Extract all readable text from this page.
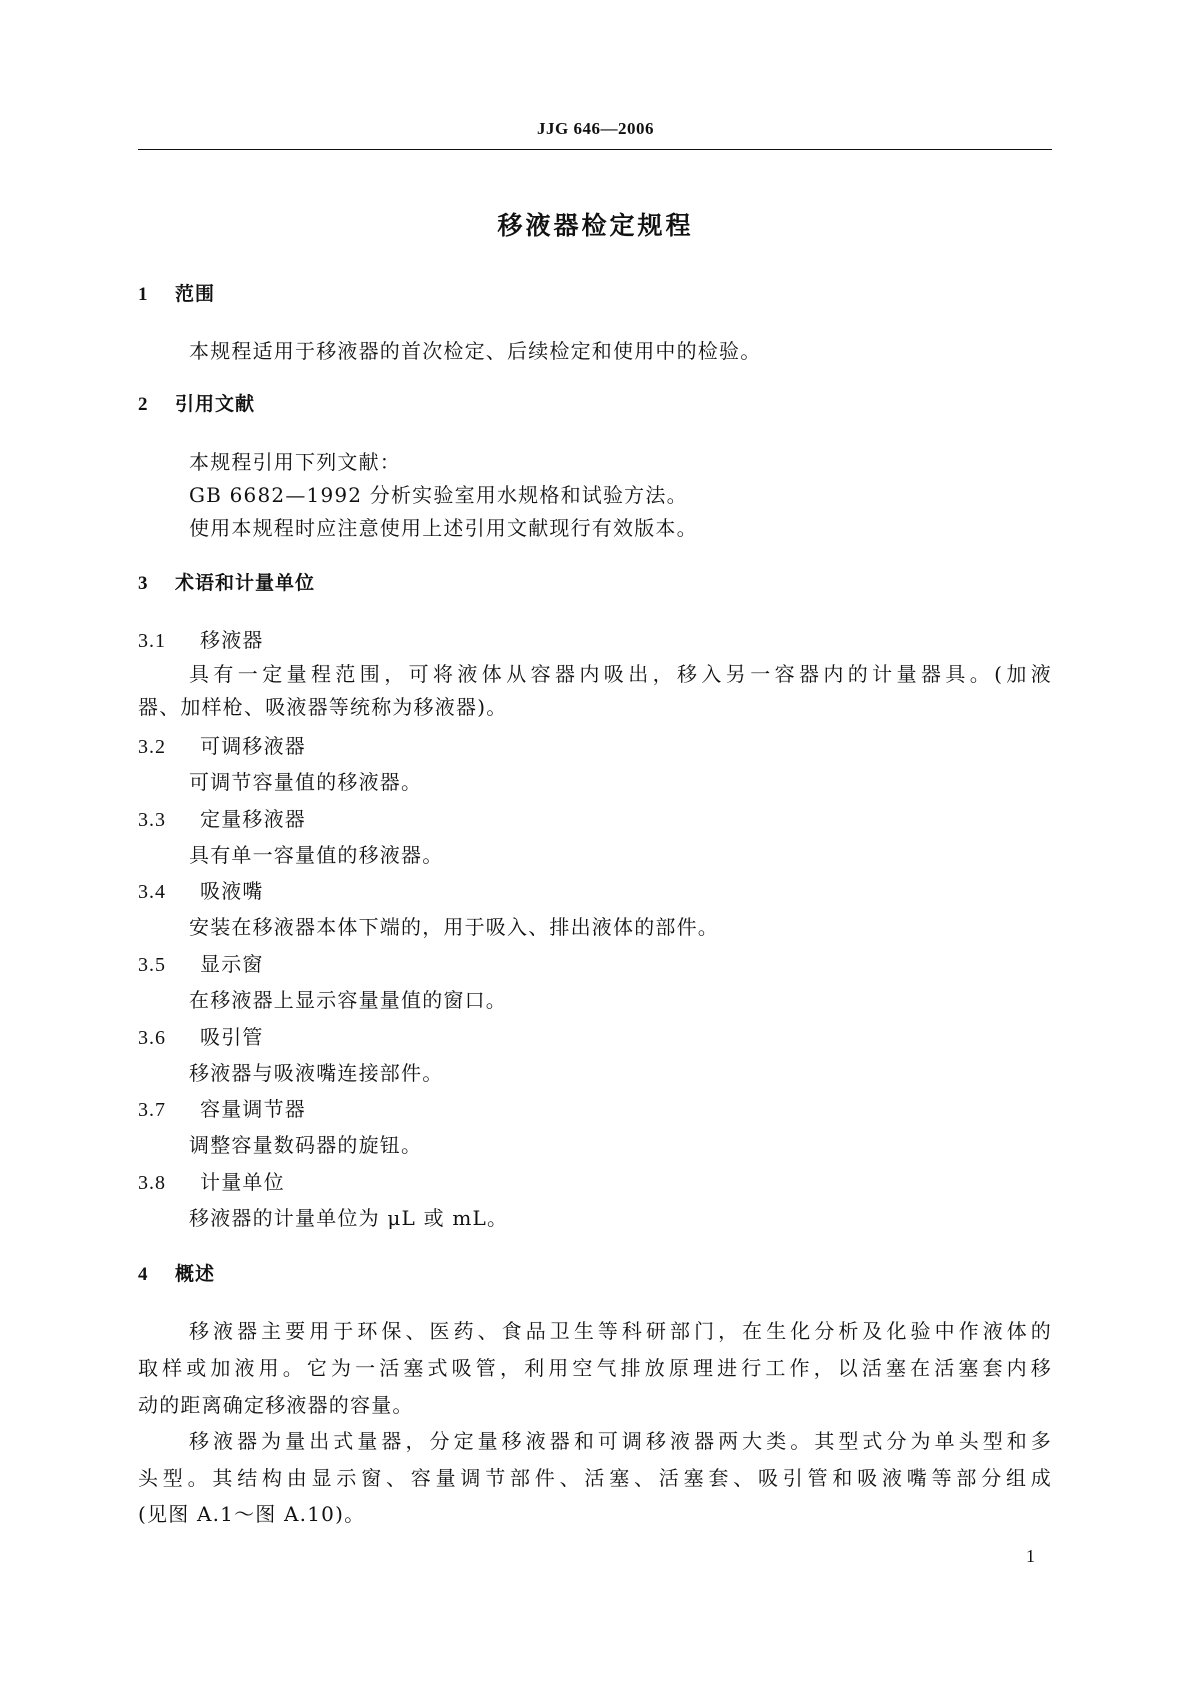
JJG 646—2006
移液器检定规程
1 范围
本规程适用于移液器的首次检定、后续检定和使用中的检验。
2 引用文献
本规程引用下列文献：
GB 6682—1992 分析实验室用水规格和试验方法。
使用本规程时应注意使用上述引用文献现行有效版本。
3 术语和计量单位
3.1 移液器
具有一定量程范围，可将液体从容器内吸出，移入另一容器内的计量器具。(加液
器、加样枪、吸液器等统称为移液器)。
3.2 可调移液器
可调节容量值的移液器。
3.3 定量移液器
具有单一容量值的移液器。
3.4 吸液嘴
安装在移液器本体下端的，用于吸入、排出液体的部件。
3.5 显示窗
在移液器上显示容量量值的窗口。
3.6 吸引管
移液器与吸液嘴连接部件。
3.7 容量调节器
调整容量数码器的旋钮。
3.8 计量单位
移液器的计量单位为 μL 或 mL。
4 概述
移液器主要用于环保、医药、食品卫生等科研部门，在生化分析及化验中作液体的
取样或加液用。它为一活塞式吸管，利用空气排放原理进行工作，以活塞在活塞套内移
动的距离确定移液器的容量。
移液器为量出式量器，分定量移液器和可调移液器两大类。其型式分为单头型和多
头型。其结构由显示窗、容量调节部件、活塞、活塞套、吸引管和吸液嘴等部分组成
(见图 A.1～图 A.10)。
1
